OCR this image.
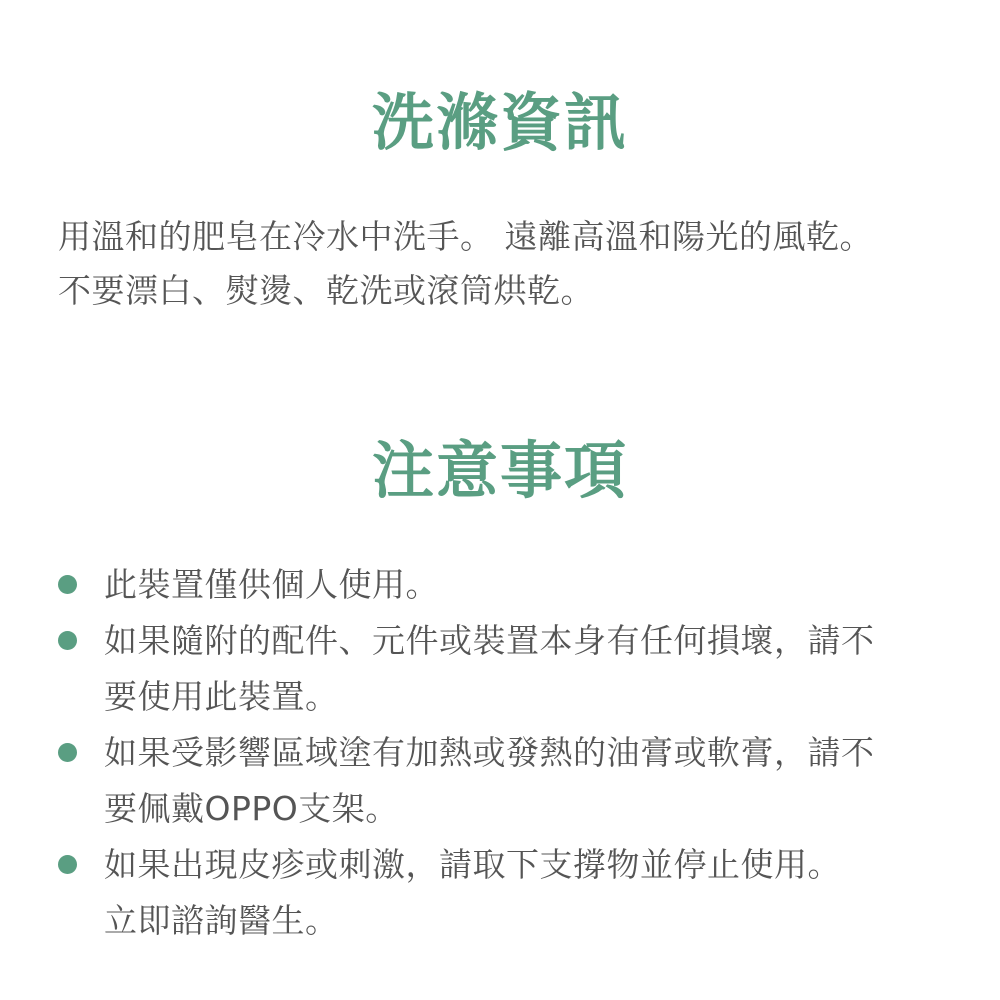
洗滌資訊

用溫和的肥皂在冷水中洗手。 遠離高溫和陽光的風乾。
不要漂白、熨燙、乾洗或滾筒烘乾。

注意事項
此裝置僅供個人使用。
如果隨附的配件、元件或裝置本身有任何損壞，請不
要使用此裝置。
如果受影響區域塗有加熱或發熱的油膏或軟膏，請不
要佩戴OPPO支架。
如果出現皮疹或刺激，請取下支撐物並停止使用。
立即諮詢醫生。
